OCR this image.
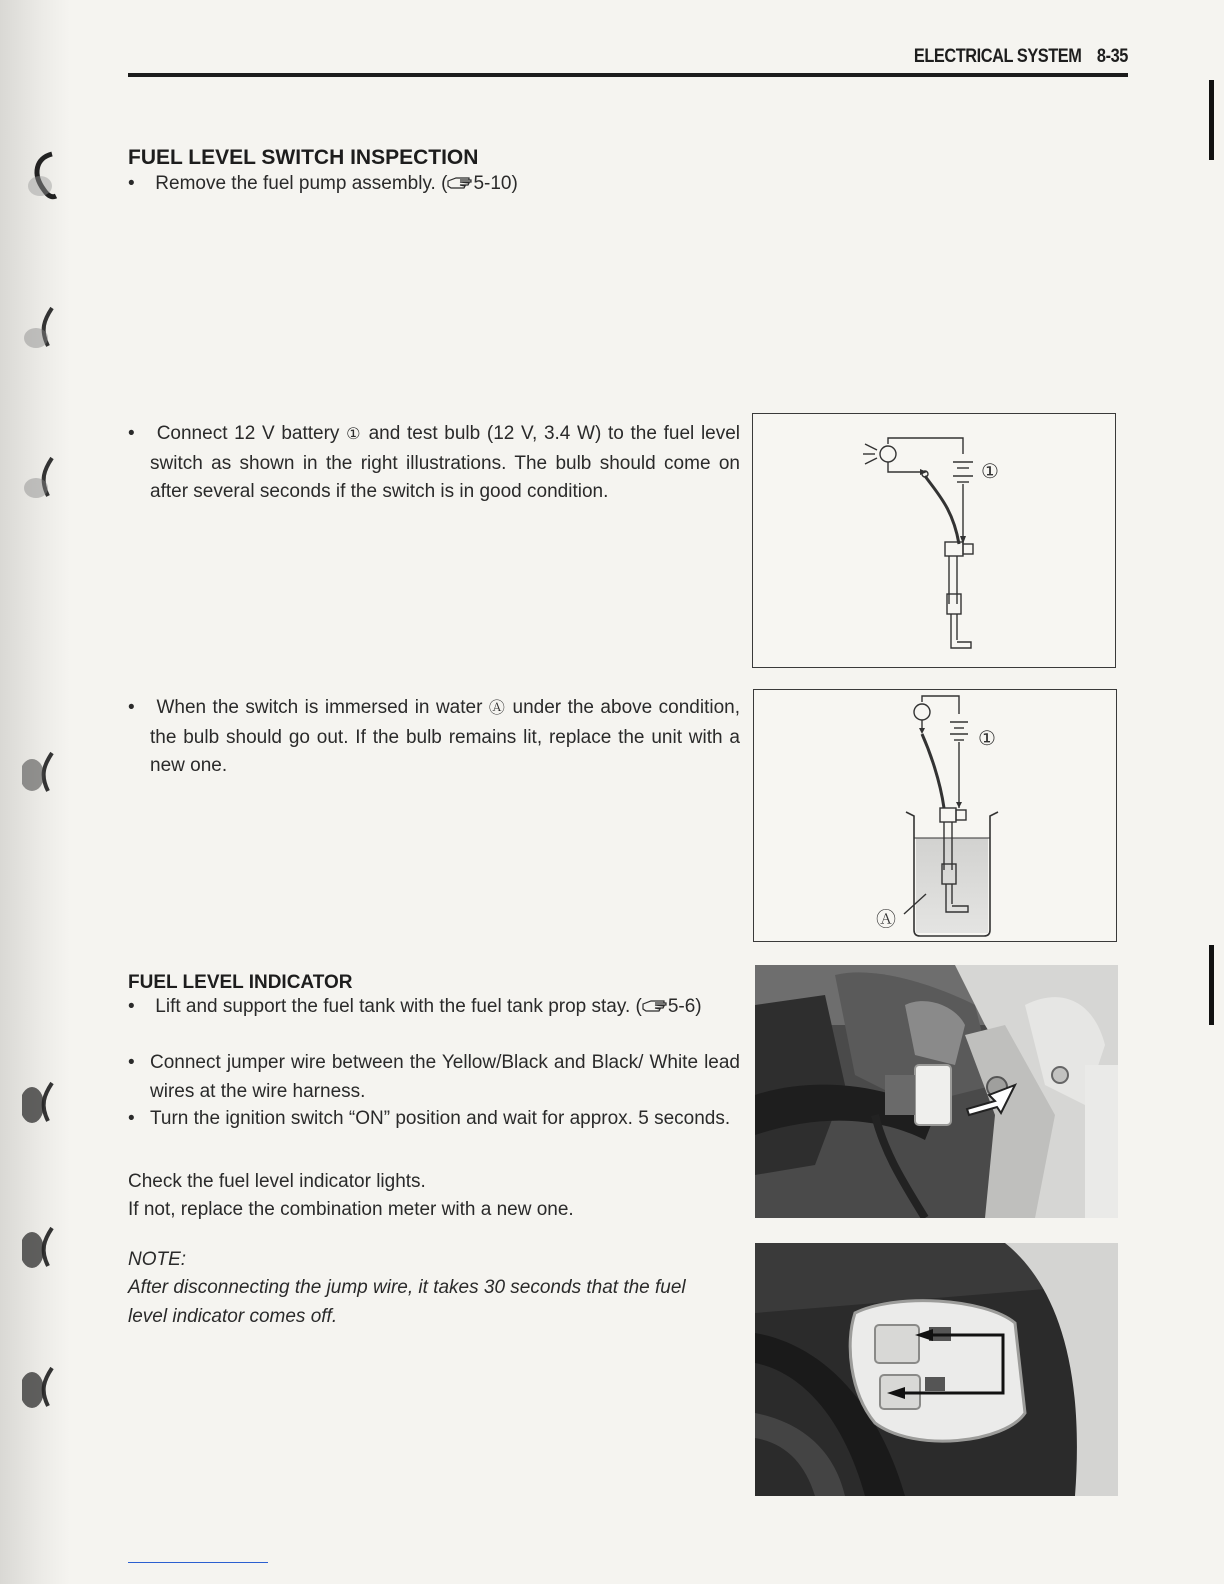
ELECTRICAL SYSTEM 8-35
FUEL LEVEL SWITCH INSPECTION
• Remove the fuel pump assembly. ( 5-10)
• Connect 12 V battery ① and test bulb (12 V, 3.4 W) to the fuel level switch as shown in the right illustrations. The bulb should come on after several seconds if the switch is in good condition.
• When the switch is immersed in water Ⓐ under the above condition, the bulb should go out. If the bulb remains lit, replace the unit with a new one.
①
①
Ⓐ
FUEL LEVEL INDICATOR
• Lift and support the fuel tank with the fuel tank prop stay. ( 5-6)
• Connect jumper wire between the Yellow/Black and Black/ White lead wires at the wire harness.
• Turn the ignition switch “ON” position and wait for approx. 5 seconds.
Check the fuel level indicator lights.
If not, replace the combination meter with a new one.
NOTE:
After disconnecting the jump wire, it takes 30 seconds that the fuel level indicator comes off.
